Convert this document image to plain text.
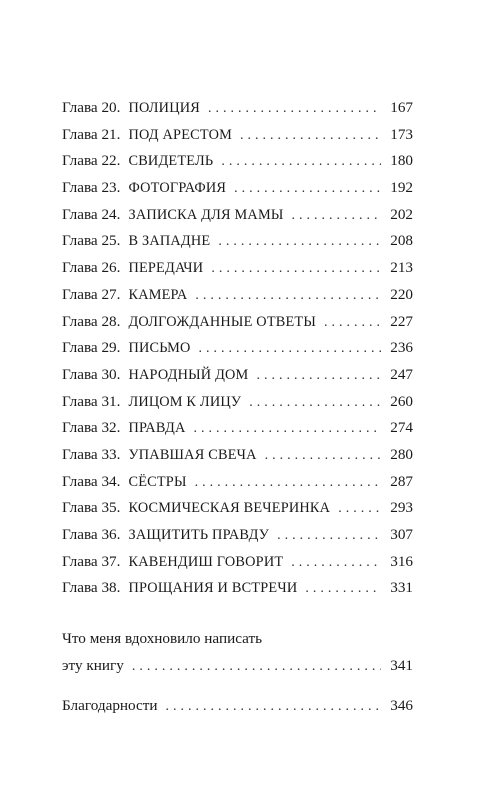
Глава 20. ПОЛИЦИЯ . . .	167
Глава 21. ПОД АРЕСТОМ . . .	173
Глава 22. СВИДЕТЕЛЬ . . .	180
Глава 23. ФОТОГРАФИЯ . . .	192
Глава 24. ЗАПИСКА ДЛЯ МАМЫ . . .	202
Глава 25. В ЗАПАДНЕ . . .	208
Глава 26. ПЕРЕДАЧИ . . .	213
Глава 27. КАМЕРА . . .	220
Глава 28. ДОЛГОЖДАННЫЕ ОТВЕТЫ . . .	227
Глава 29. ПИСЬМО . . .	236
Глава 30. НАРОДНЫЙ ДОМ . . .	247
Глава 31. ЛИЦОМ К ЛИЦУ . . .	260
Глава 32. ПРАВДА . . .	274
Глава 33. УПАВШАЯ СВЕЧА . . .	280
Глава 34. СЁСТРЫ . . .	287
Глава 35. КОСМИЧЕСКАЯ ВЕЧЕРИНКА . . .	293
Глава 36. ЗАЩИТИТЬ ПРАВДУ . . .	307
Глава 37. КАВЕНДИШ ГОВОРИТ . . .	316
Глава 38. ПРОЩАНИЯ И ВСТРЕЧИ . . .	331
Что меня вдохновило написать
эту книгу . . .	341
Благодарности . . .	346
